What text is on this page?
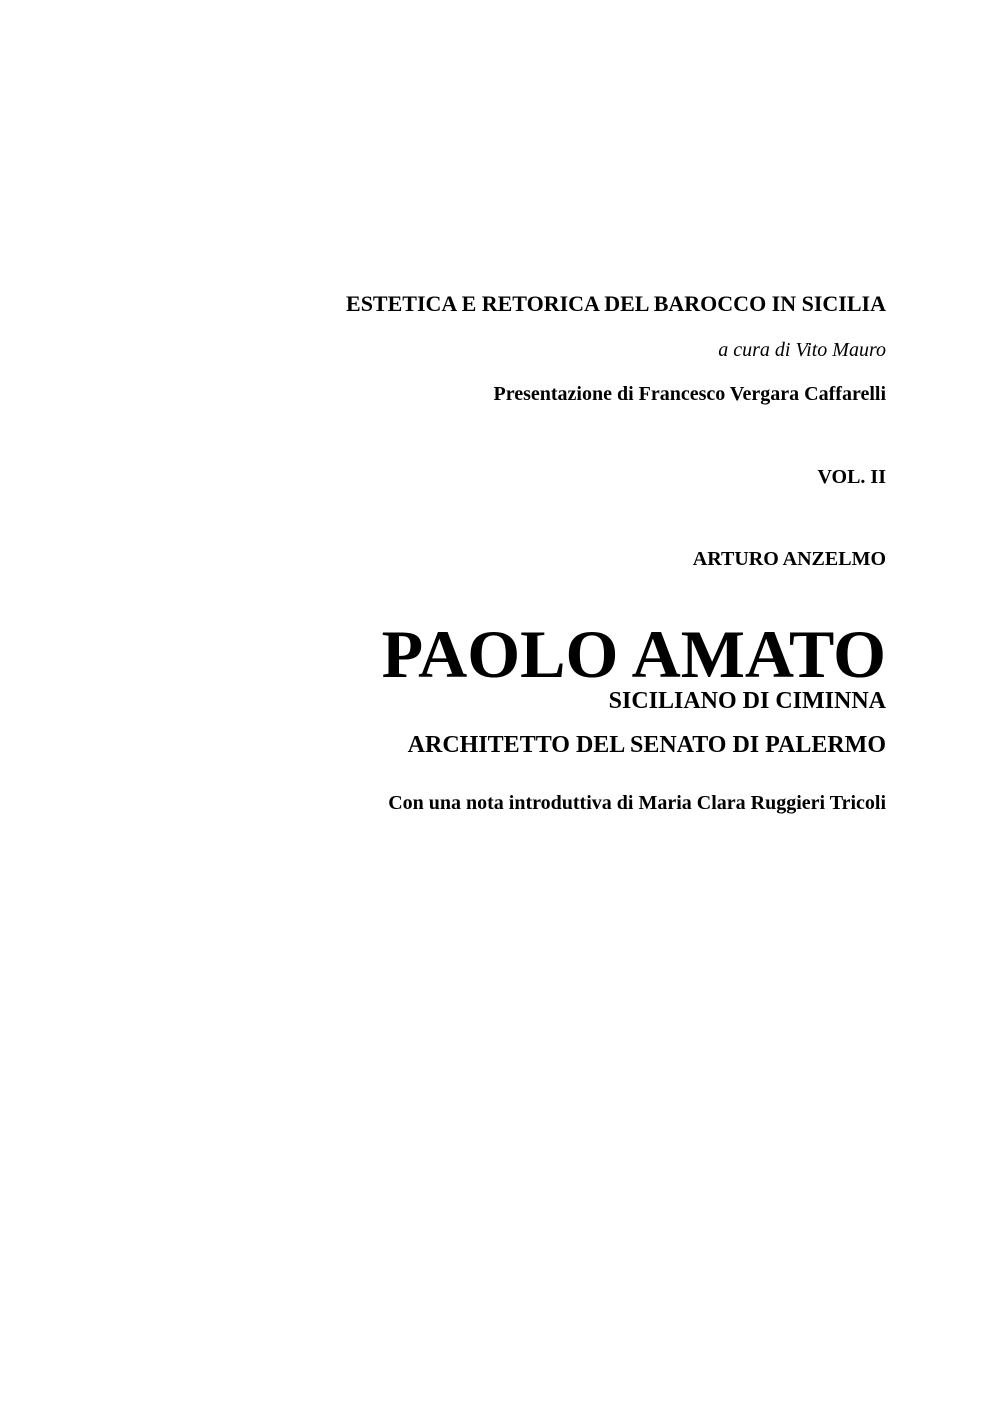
ESTETICA E RETORICA DEL BAROCCO IN SICILIA

a cura di Vito Mauro

Presentazione di Francesco Vergara Caffarelli

VOL. II

ARTURO ANZELMO

PAOLO AMATO
SICILIANO DI CIMINNA
ARCHITETTO DEL SENATO DI PALERMO

Con una nota introduttiva di Maria Clara Ruggieri Tricoli
